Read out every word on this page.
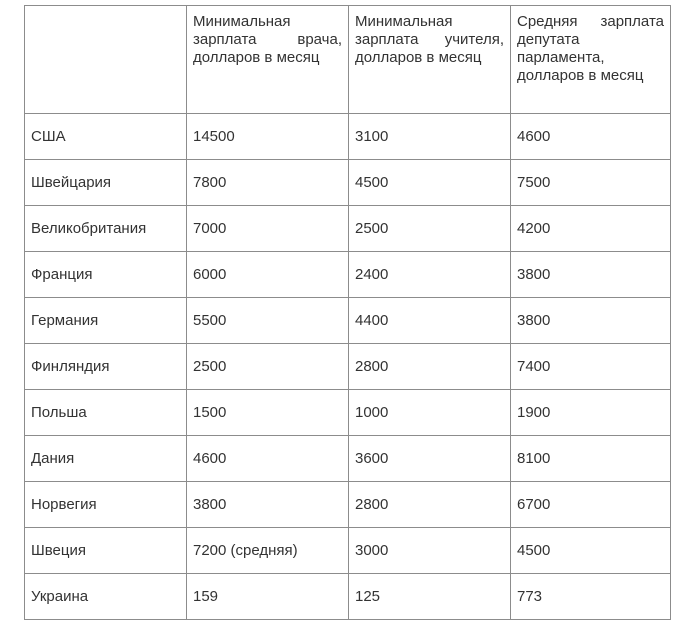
	Минимальная зарплата врача, долларов в месяц	Минимальная зарплата учителя, долларов в месяц	Средняя зарплата депутата парламента, долларов в месяц
США	14500	3100	4600
Швейцария	7800	4500	7500
Великобритания	7000	2500	4200
Франция	6000	2400	3800
Германия	5500	4400	3800
Финляндия	2500	2800	7400
Польша	1500	1000	1900
Дания	4600	3600	8100
Норвегия	3800	2800	6700
Швеция	7200 (средняя)	3000	4500
Украина	159	125	773
